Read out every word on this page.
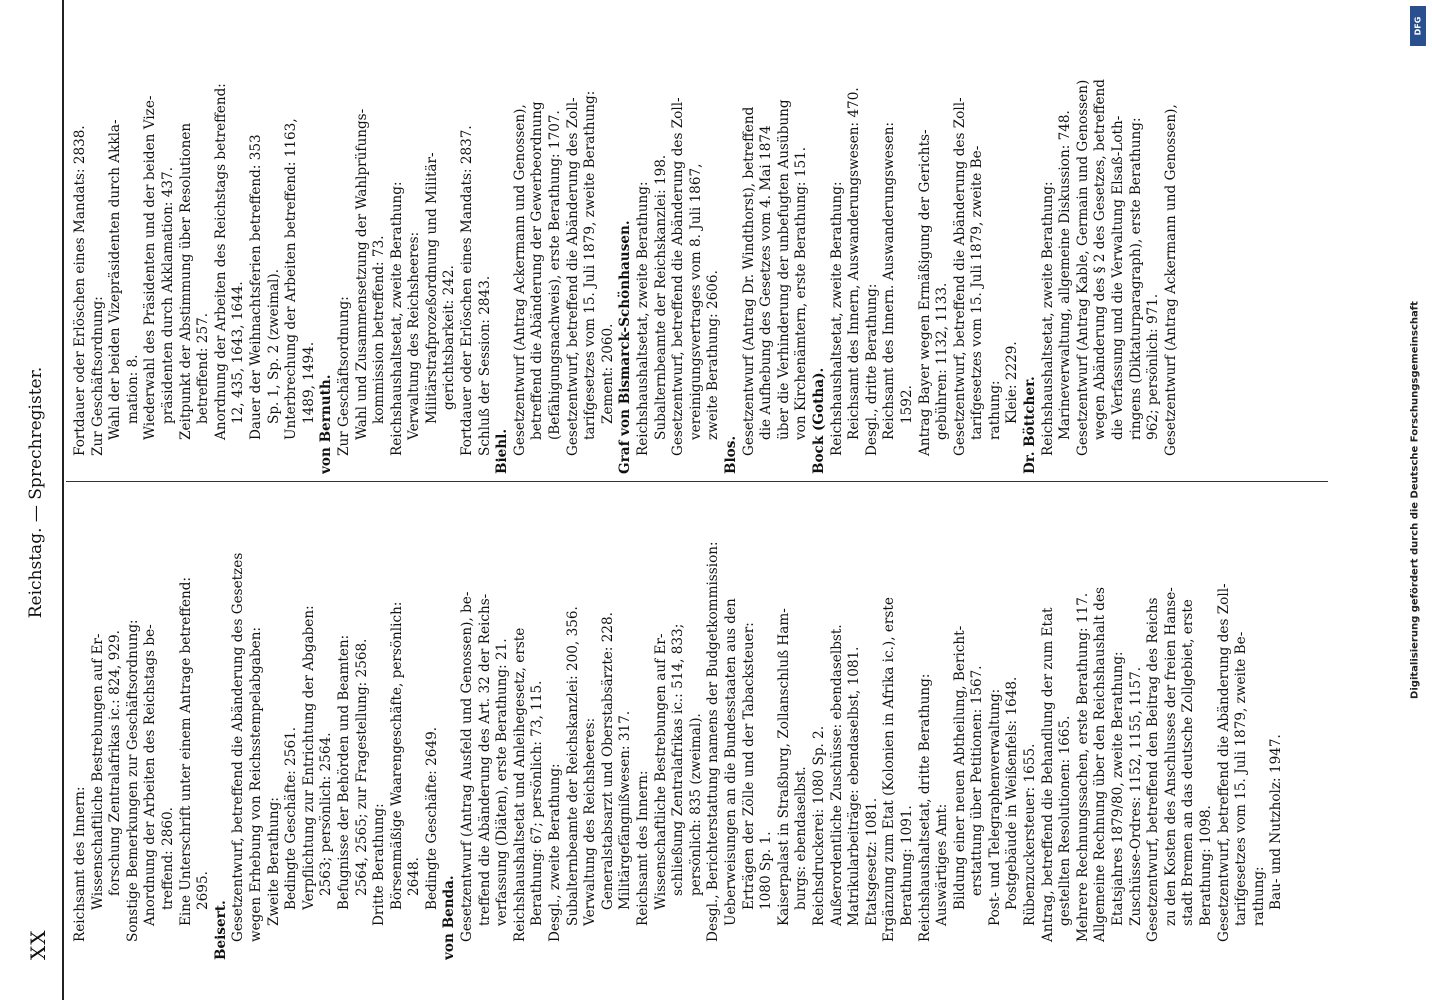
XX
Reichstag. — Sprechregister.
Reichsamt des Innern: Wissenschaftliche Bestrebungen auf Er- forschung Zentralafrikas ic.: 824, 929. Sonstige Bemerkungen zur Geschäftsordnung: Anordnung der Arbeiten des Reichstags be- treffend: 2860. Eine Unterschrift unter einem Antrage betreffend: 2695.
Beisert. Gesetzentwurf, betreffend die Abänderung des Gesetzes wegen Erhebung von Reichsstempelabgaben: Zweite Berathung: Bedingte Geschäfte: 2561. Verpflichtung zur Entrichtung der Abgaben: 2563; persönlich: 2564. Befugnisse der Behörden und Beamten: 2564, 2565; zur Fragestellung: 2568. Dritte Berathung: Börsenmäßige Waarengeschäfte, persönlich: 2648. Bedingte Geschäfte: 2649.
von Benda. Gesetzentwurf (Antrag Ausfeld und Genossen), be- treffend die Abänderung des Art. 32 der Reichs- verfassung (Diäten), erste Berathung: 21. Reichshaushaltsetat und Anleihegesetz, erste Berathung: 67; persönlich: 73, 115. Desgl., zweite Berathung: Subalternbeamte der Reichskanzlei: 200, 356. Verwaltung des Reichsheeres: Generalstabsarzt und Oberstabsärzte: 228. Militärgefängnißwesen: 317. Reichsamt des Innern: Wissenschaftliche Bestrebungen auf Er- schließung Zentralafrikas ic.: 514, 833; persönlich: 835 (zweimal). Desgl., Berichterstattung namens der Budgetkommission: Ueberweisungen an die Bundesstaaten aus den Erträgen der Zölle und der Tabacksteuer: 1080 Sp. 1. Kaiserpalast in Straßburg, Zollanschluß Ham- burgs: ebendaselbst. Reichsdruckerei: 1080 Sp. 2. Außerordentliche Zuschüsse: ebendaselbst. Matrikularbeiträge: ebendaselbst, 1081. Etatsgesetz: 1081. Ergänzung zum Etat (Kolonien in Afrika ic.), erste Berathung: 1091. Reichshaushaltsetat, dritte Berathung: Auswärtiges Amt: Bildung einer neuen Abtheilung, Bericht- erstattung über Petitionen: 1567. Post- und Telegraphenverwaltung: Postgebäude in Weißenfels: 1648. Rübenzuckersteuer: 1655. Antrag, betreffend die Behandlung der zum Etat gestellten Resolutionen: 1665. Mehrere Rechnungssachen, erste Berathung: 117. Allgemeine Rechnung über den Reichshaushalt des Etatsjahres 1879/80, zweite Berathung: Zuschüsse-Ordres: 1152, 1155, 1157. Gesetzentwurf, betreffend den Beitrag des Reichs zu den Kosten des Anschlusses der freien Hanse- stadt Bremen an das deutsche Zollgebiet, erste Berathung: 1098. Gesetzentwurf, betreffend die Abänderung des Zoll- tarifgesetzes vom 15. Juli 1879, zweite Be- rathung: Bau- und Nutzholz: 1947.
Fortdauer oder Erlöschen eines Mandats: 2838. Zur Geschäftsordnung: Wahl der beiden Vizepräsidenten durch Akkla- mation: 8. Wiederwahl des Präsidenten und der beiden Vize- präsidenten durch Akklamation: 437. Zeitpunkt der Abstimmung über Resolutionen betreffend: 257. Anordnung der Arbeiten des Reichstags betreffend: 12, 435, 1643, 1644. Dauer der Weihnachtsferien betreffend: 353 Sp. 1, Sp. 2 (zweimal). Unterbrechung der Arbeiten betreffend: 1163, 1489, 1494. von Bernuth. Zur Geschäftsordnung: Wahl und Zusammensetzung der Wahlprüfungs- kommission betreffend: 73. Reichshaushaltsetat, zweite Berathung: Verwaltung des Reichsheeres: Militärstrafprozeßordnung und Militär- gerichtsbarkeit: 242. Fortdauer oder Erlöschen eines Mandats: 2837. Schluß der Session: 2843. Biehl. Gesetzentwurf (Antrag Ackermann und Genossen), betreffend die Abänderung der Gewerbeordnung (Befähigungsnachweis), erste Berathung: 1707. Gesetzentwurf, betreffend die Abänderung des Zoll- tarifgesetzes vom 15. Juli 1879, zweite Berathung: Zement: 2060. Graf von Bismarck-Schönhausen. Reichshaushaltsetat, zweite Berathung: Subalternbeamte der Reichskanzlei: 198. Gesetzentwurf, betreffend die Abänderung des Zoll- vereinigungsvertrages vom 8. Juli 1867, zweite Berathung: 2606.
Blos. Gesetzentwurf (Antrag Dr. Windthorst), betreffend die Aufhebung des Gesetzes vom 4. Mai 1874 über die Verhinderung der unbefugten Ausübung von Kirchenämtern, erste Berathung: 151. Bock (Gotha). Reichshaushaltsetat, zweite Berathung: Reichsamt des Innern, Auswanderungswesen: 470. Desgl., dritte Berathung: Reichsamt des Innern. Auswanderungswesen: 1592. Antrag Bayer wegen Ermäßigung der Gerichts- gebühren: 1132, 1133. Gesetzentwurf, betreffend die Abänderung des Zoll- tarifgesetzes vom 15. Juli 1879, zweite Be- rathung: Kleie: 2229. Dr. Böttcher. Reichshaushaltsetat, zweite Berathung: Marineverwaltung, allgemeine Diskussion: 748. Gesetzentwurf (Antrag Kable, Germain und Genossen) wegen Abänderung des § 2 des Gesetzes, betreffend die Verfassung und die Verwaltung Elsaß-Loth- ringens (Diktaturparagraph), erste Berathung: 962; persönlich: 971. Gesetzentwurf (Antrag Ackermann und Genossen),
Digitalisierung gefördert durch die Deutsche Forschungsgemeinschaft
DFG
